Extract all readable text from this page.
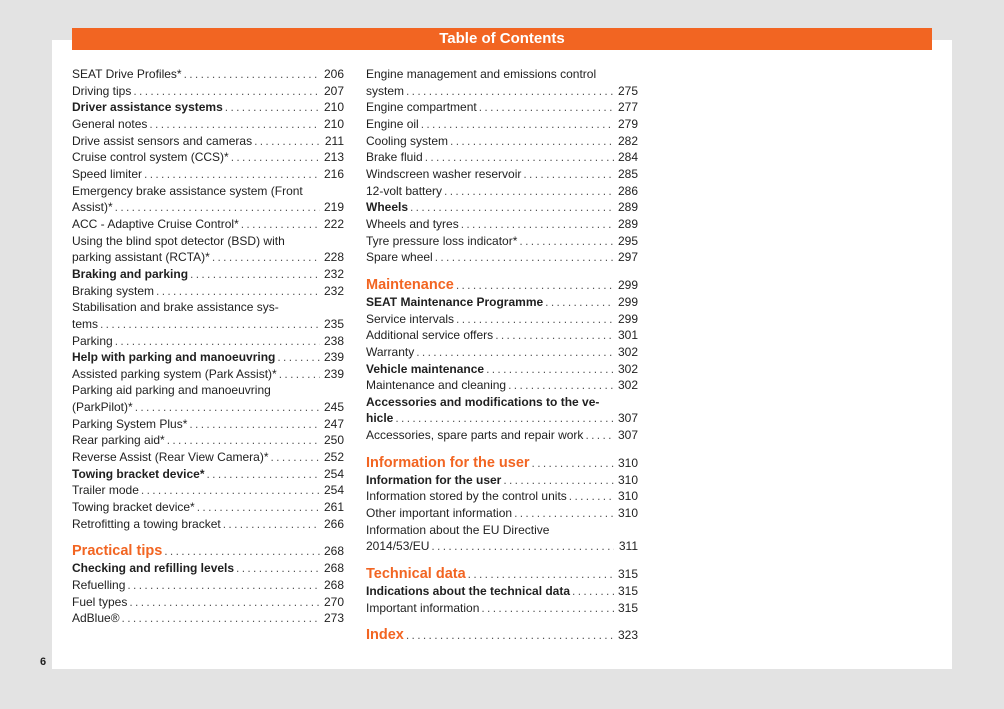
Table of Contents
SEAT Drive Profiles* . . .	206
Driving tips . . .	207
Driver assistance systems . . .	210
General notes . . .	210
Drive assist sensors and cameras . . .	211
Cruise control system (CCS)* . . .	213
Speed limiter . . .	216
Emergency brake assistance system (Front
Assist)* . . .	219
ACC - Adaptive Cruise Control* . . .	222
Using the blind spot detector (BSD) with
parking assistant (RCTA)* . . .	228
Braking and parking . . .	232
Braking system . . .	232
Stabilisation and brake assistance sys-
tems . . .	235
Parking . . .	238
Help with parking and manoeuvring . . .	239
Assisted parking system (Park Assist)* . . .	239
Parking aid parking and manoeuvring
(ParkPilot)* . . .	245
Parking System Plus* . . .	247
Rear parking aid* . . .	250
Reverse Assist (Rear View Camera)* . . .	252
Towing bracket device* . . .	254
Trailer mode . . .	254
Towing bracket device* . . .	261
Retrofitting a towing bracket . . .	266
Practical tips . . .	268
Checking and refilling levels . . .	268
Refuelling . . .	268
Fuel types . . .	270
AdBlue® . . .	273
Engine management and emissions control
system . . .	275
Engine compartment . . .	277
Engine oil . . .	279
Cooling system . . .	282
Brake fluid . . .	284
Windscreen washer reservoir . . .	285
12-volt battery . . .	286
Wheels . . .	289
Wheels and tyres . . .	289
Tyre pressure loss indicator* . . .	295
Spare wheel . . .	297
Maintenance . . .	299
SEAT Maintenance Programme . . .	299
Service intervals . . .	299
Additional service offers . . .	301
Warranty . . .	302
Vehicle maintenance . . .	302
Maintenance and cleaning . . .	302
Accessories and modifications to the ve-
hicle . . .	307
Accessories, spare parts and repair work . . .	307
Information for the user . . .	310
Information for the user . . .	310
Information stored by the control units . . .	310
Other important information . . .	310
Information about the EU Directive
2014/53/EU . . .	311
Technical data . . .	315
Indications about the technical data . . .	315
Important information . . .	315
Index . . .	323
6
